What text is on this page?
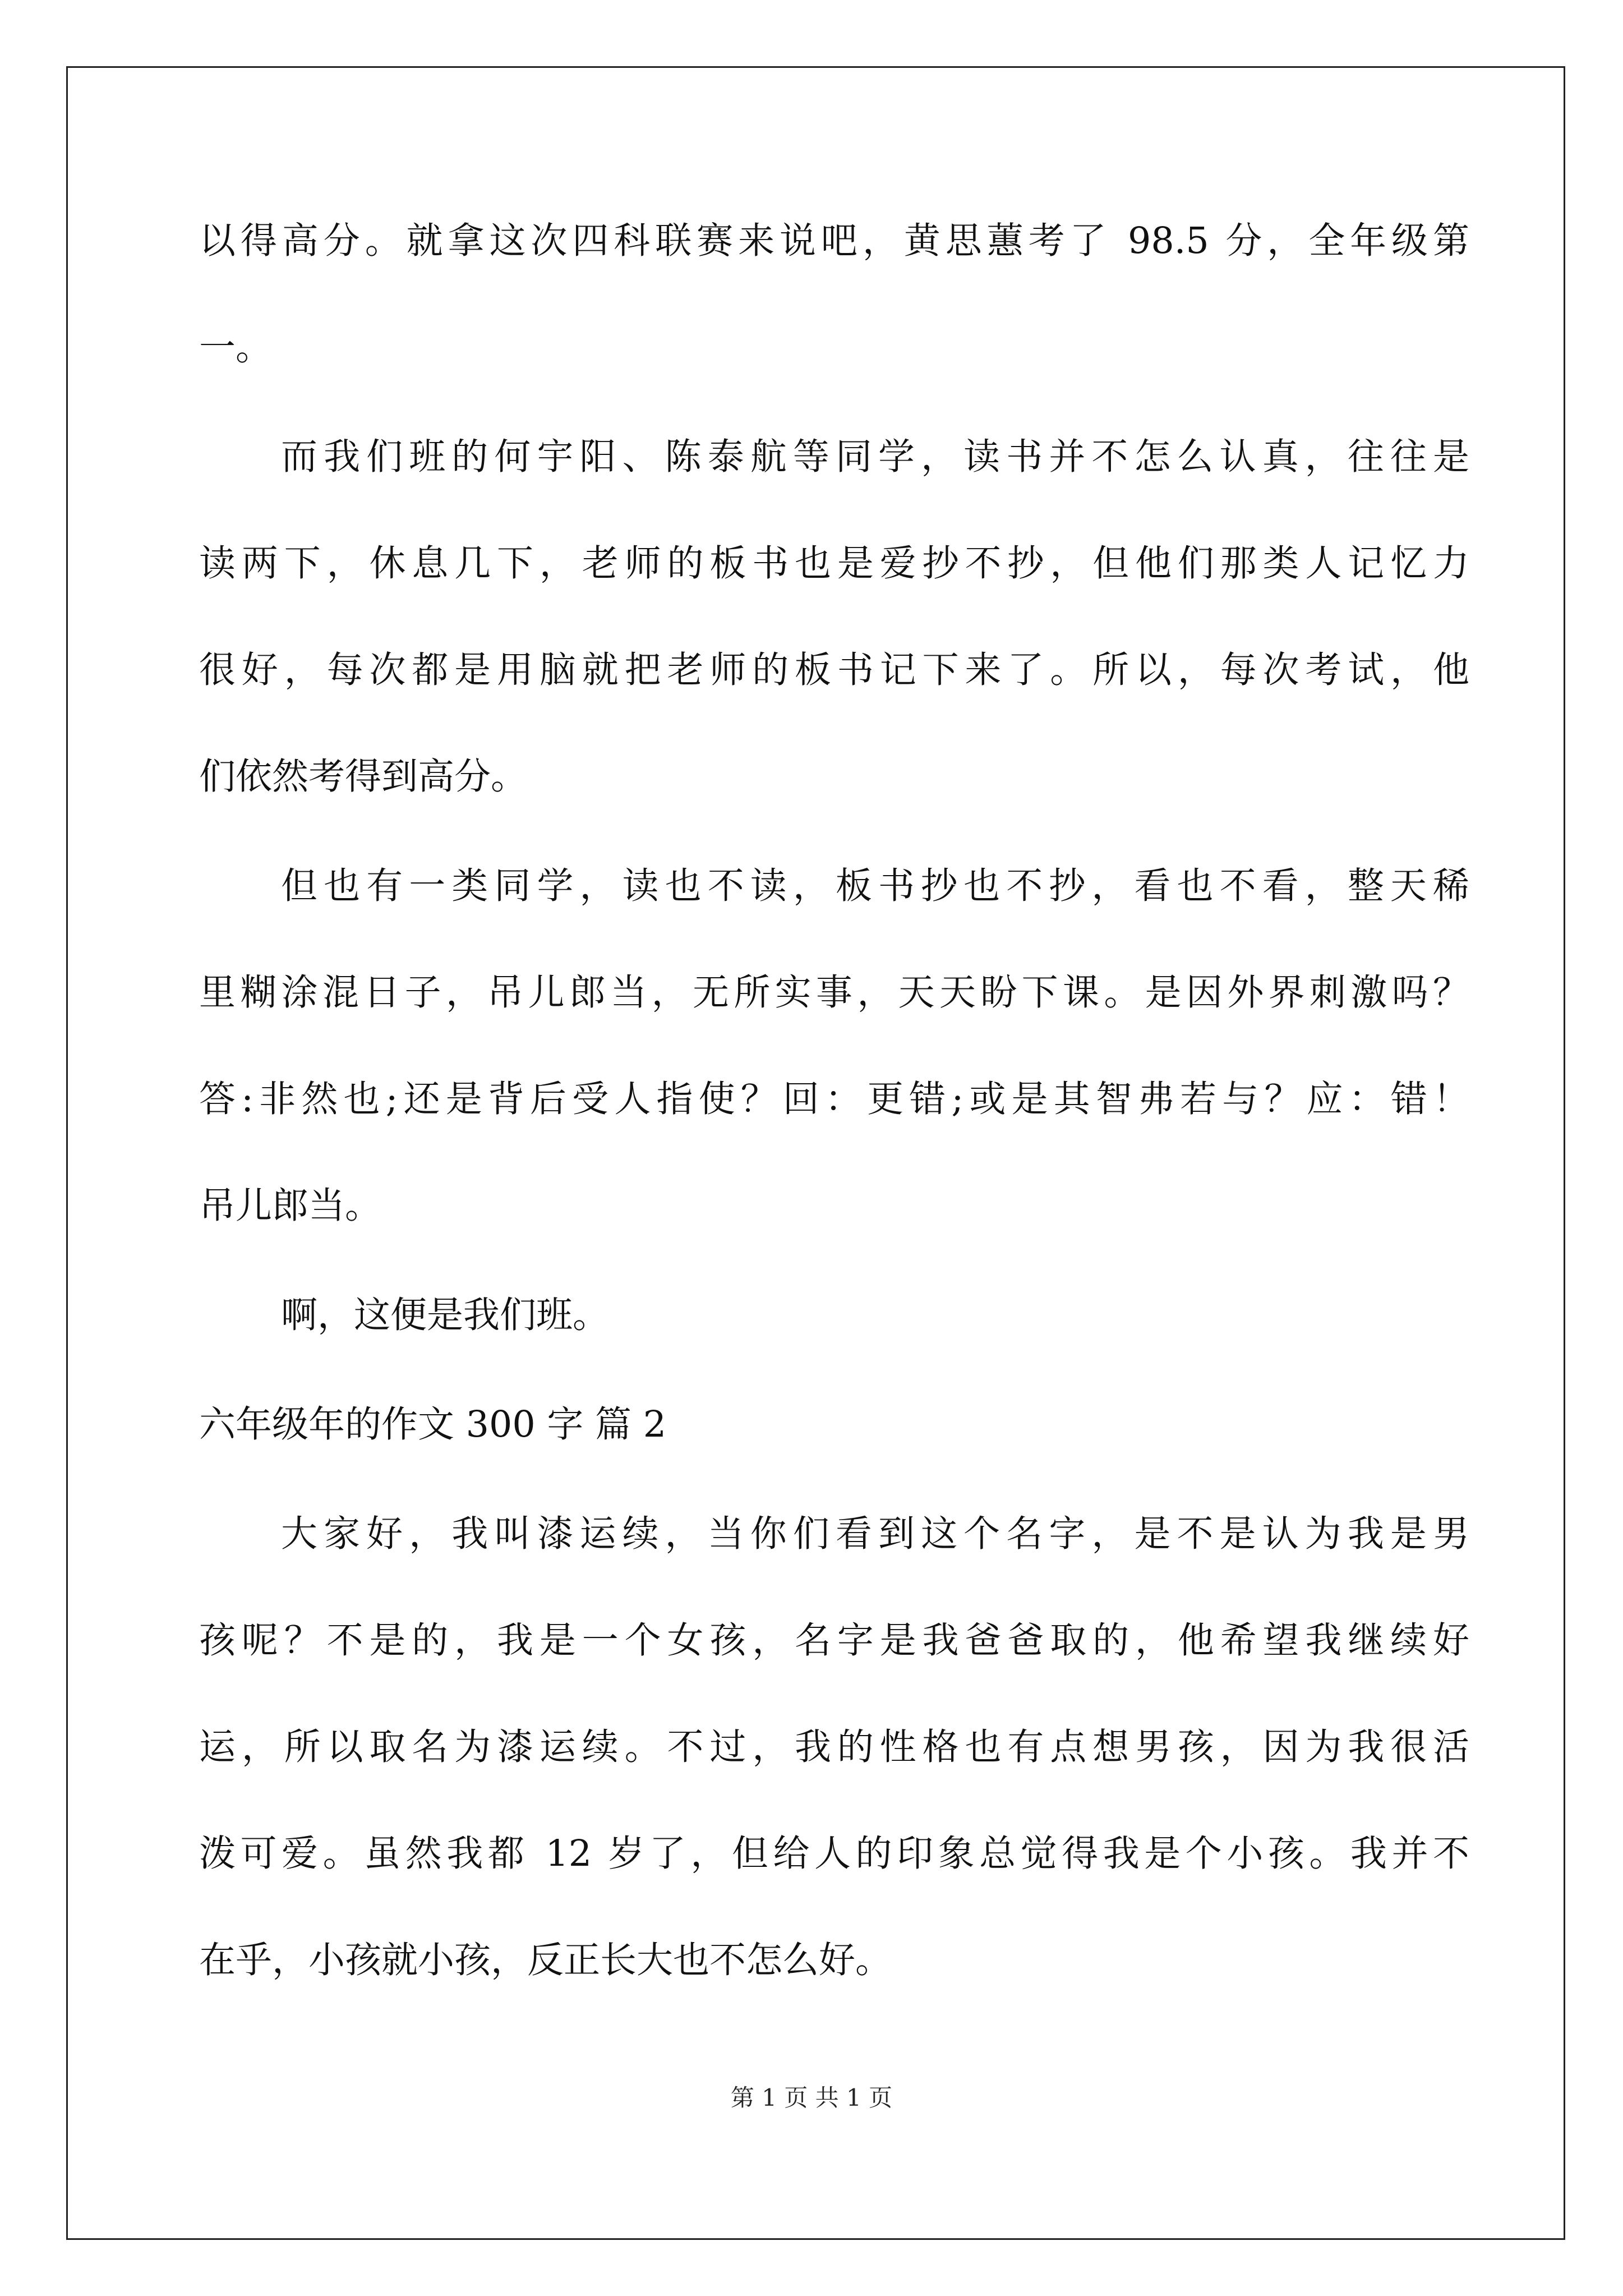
以得高分。就拿这次四科联赛来说吧，黄思蕙考了 98.5 分，全年级第
一。
而我们班的何宇阳、陈泰航等同学，读书并不怎么认真，往往是
读两下，休息几下，老师的板书也是爱抄不抄，但他们那类人记忆力
很好，每次都是用脑就把老师的板书记下来了。所以，每次考试，他
们依然考得到高分。
但也有一类同学，读也不读，板书抄也不抄，看也不看，整天稀
里糊涂混日子，吊儿郎当，无所实事，天天盼下课。是因外界刺激吗？
答:非然也;还是背后受人指使？回：更错;或是其智弗若与？应：错！
吊儿郎当。
啊，这便是我们班。
六年级年的作文 300 字 篇 2
大家好，我叫漆运续，当你们看到这个名字，是不是认为我是男
孩呢？不是的，我是一个女孩，名字是我爸爸取的，他希望我继续好
运，所以取名为漆运续。不过，我的性格也有点想男孩，因为我很活
泼可爱。虽然我都 12 岁了，但给人的印象总觉得我是个小孩。我并不
在乎，小孩就小孩，反正长大也不怎么好。
第 1 页 共 1 页
